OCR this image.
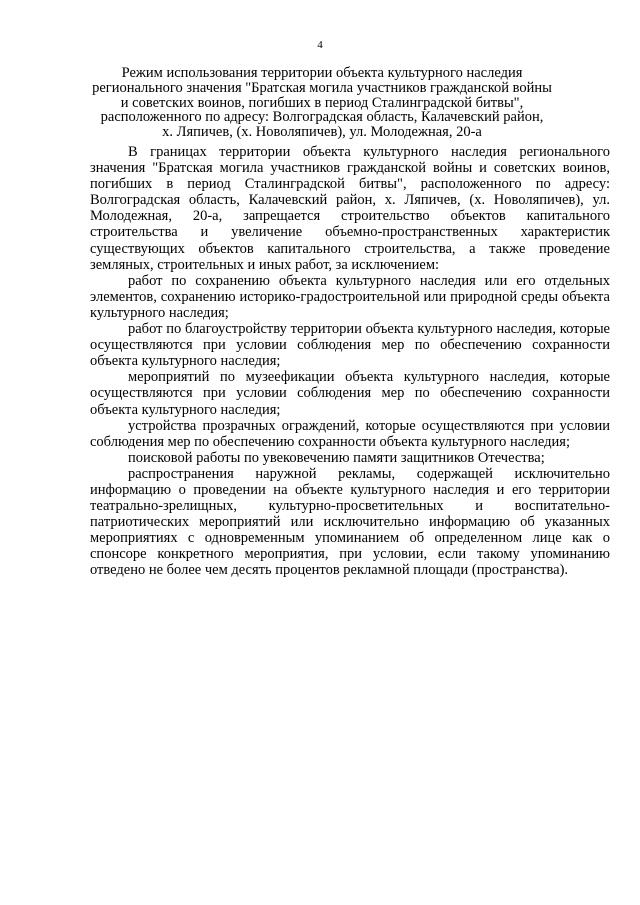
4
Режим использования территории объекта культурного наследия
регионального значения "Братская могила участников гражданской войны
и советских воинов, погибших в период Сталинградской битвы",
расположенного по адресу: Волгоградская область, Калачевский район,
х. Ляпичев, (х. Новоляпичев), ул. Молодежная, 20-а

В границах территории объекта культурного наследия регионального значения "Братская могила участников гражданской войны и советских воинов, погибших в период Сталинградской битвы", расположенного по адресу: Волгоградская область, Калачевский район, х. Ляпичев, (х. Новоляпичев), ул. Молодежная, 20-а, запрещается строительство объектов капитального строительства и увеличение объемно-пространственных характеристик существующих объектов капитального строительства, а также проведение земляных, строительных и иных работ, за исключением:

работ по сохранению объекта культурного наследия или его отдельных элементов, сохранению историко-градостроительной или природной среды объекта культурного наследия;

работ по благоустройству территории объекта культурного наследия, которые осуществляются при условии соблюдения мер по обеспечению сохранности объекта культурного наследия;

мероприятий по музеефикации объекта культурного наследия, которые осуществляются при условии соблюдения мер по обеспечению сохранности объекта культурного наследия;

устройства прозрачных ограждений, которые осуществляются при условии соблюдения мер по обеспечению сохранности объекта культурного наследия;

поисковой работы по увековечению памяти защитников Отечества;

распространения наружной рекламы, содержащей исключительно информацию о проведении на объекте культурного наследия и его территории театрально-зрелищных, культурно-просветительных и воспитательно-патриотических мероприятий или исключительно информацию об указанных мероприятиях с одновременным упоминанием об определенном лице как о спонсоре конкретного мероприятия, при условии, если такому упоминанию отведено не более чем десять процентов рекламной площади (пространства).
